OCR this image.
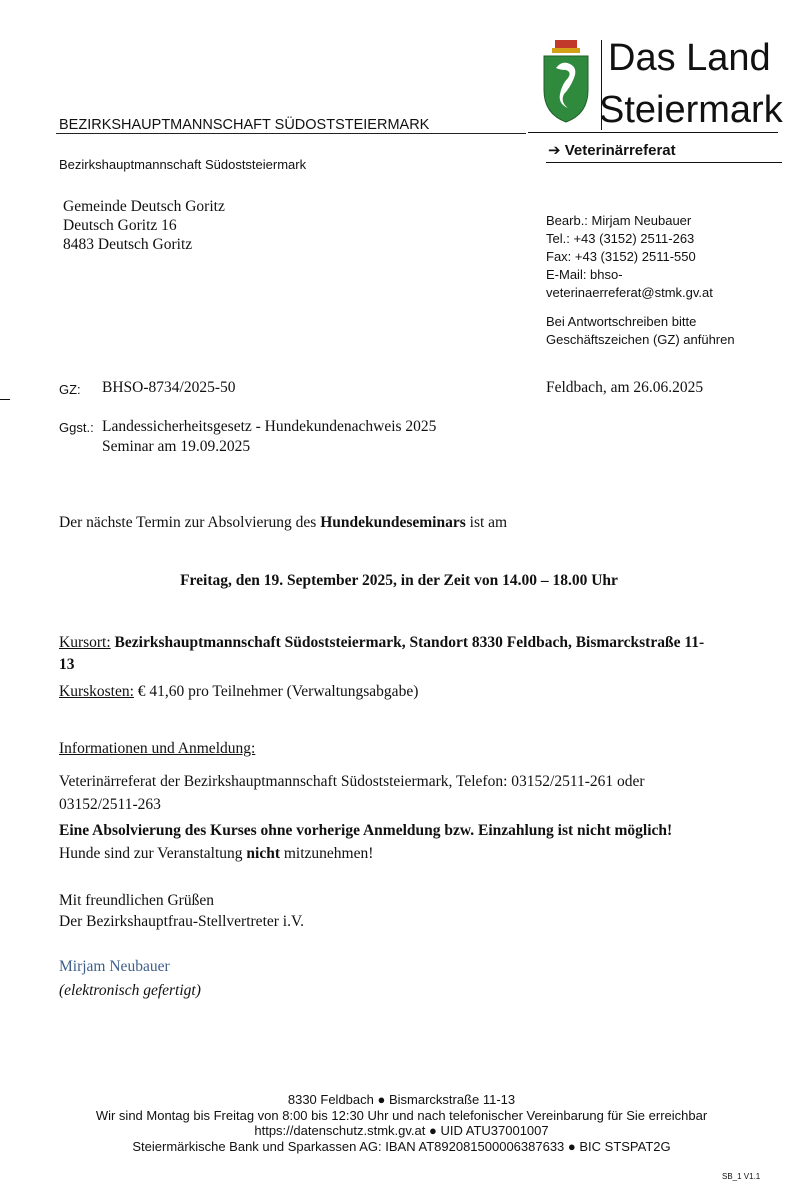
BEZIRKSHAUPTMANNSCHAFT SÜDOSTSTEIERMARK
Das Land
Steiermark
➔ Veterinärreferat
Bezirkshauptmannschaft Südoststeiermark

Gemeinde Deutsch Goritz

Deutsch Goritz 16

8483 Deutsch Goritz

Bearb.: Mirjam Neubauer

Tel.: +43 (3152) 2511-263

Fax: +43 (3152) 2511-550

E-Mail: bhso-

veterinaerreferat@stmk.gv.at

Bei Antwortschreiben bitte

Geschäftszeichen (GZ) anführen

GZ: BHSO-8734/2025-50	Feldbach, am 26.06.2025
Ggst.: Landessicherheitsgesetz - Hundekundenachweis 2025

Seminar am 19.09.2025

Der nächste Termin zur Absolvierung des Hundekundeseminars ist am
Freitag, den 19. September 2025, in der Zeit von 14.00 – 18.00 Uhr

Kursort: Bezirkshauptmannschaft Südoststeiermark, Standort 8330 Feldbach, Bismarckstraße 11-

13

Kurskosten: € 41,60 pro Teilnehmer (Verwaltungsabgabe)
Informationen und Anmeldung:

Veterinärreferat der Bezirkshauptmannschaft Südoststeiermark, Telefon: 03152/2511-261 oder

03152/2511-263

Eine Absolvierung des Kurses ohne vorherige Anmeldung bzw. Einzahlung ist nicht möglich!
Hunde sind zur Veranstaltung nicht mitzunehmen!

Mit freundlichen Grüßen

Der Bezirkshauptfrau-Stellvertreter i.V.

Mirjam Neubauer
(elektronisch gefertigt)

8330 Feldbach ● Bismarckstraße 11-13

Wir sind Montag bis Freitag von 8:00 bis 12:30 Uhr und nach telefonischer Vereinbarung für Sie erreichbar

https://datenschutz.stmk.gv.at ● UID ATU37001007

Steiermärkische Bank und Sparkassen AG: IBAN AT892081500006387633 ● BIC STSPAT2G

SB_1 V1.1
